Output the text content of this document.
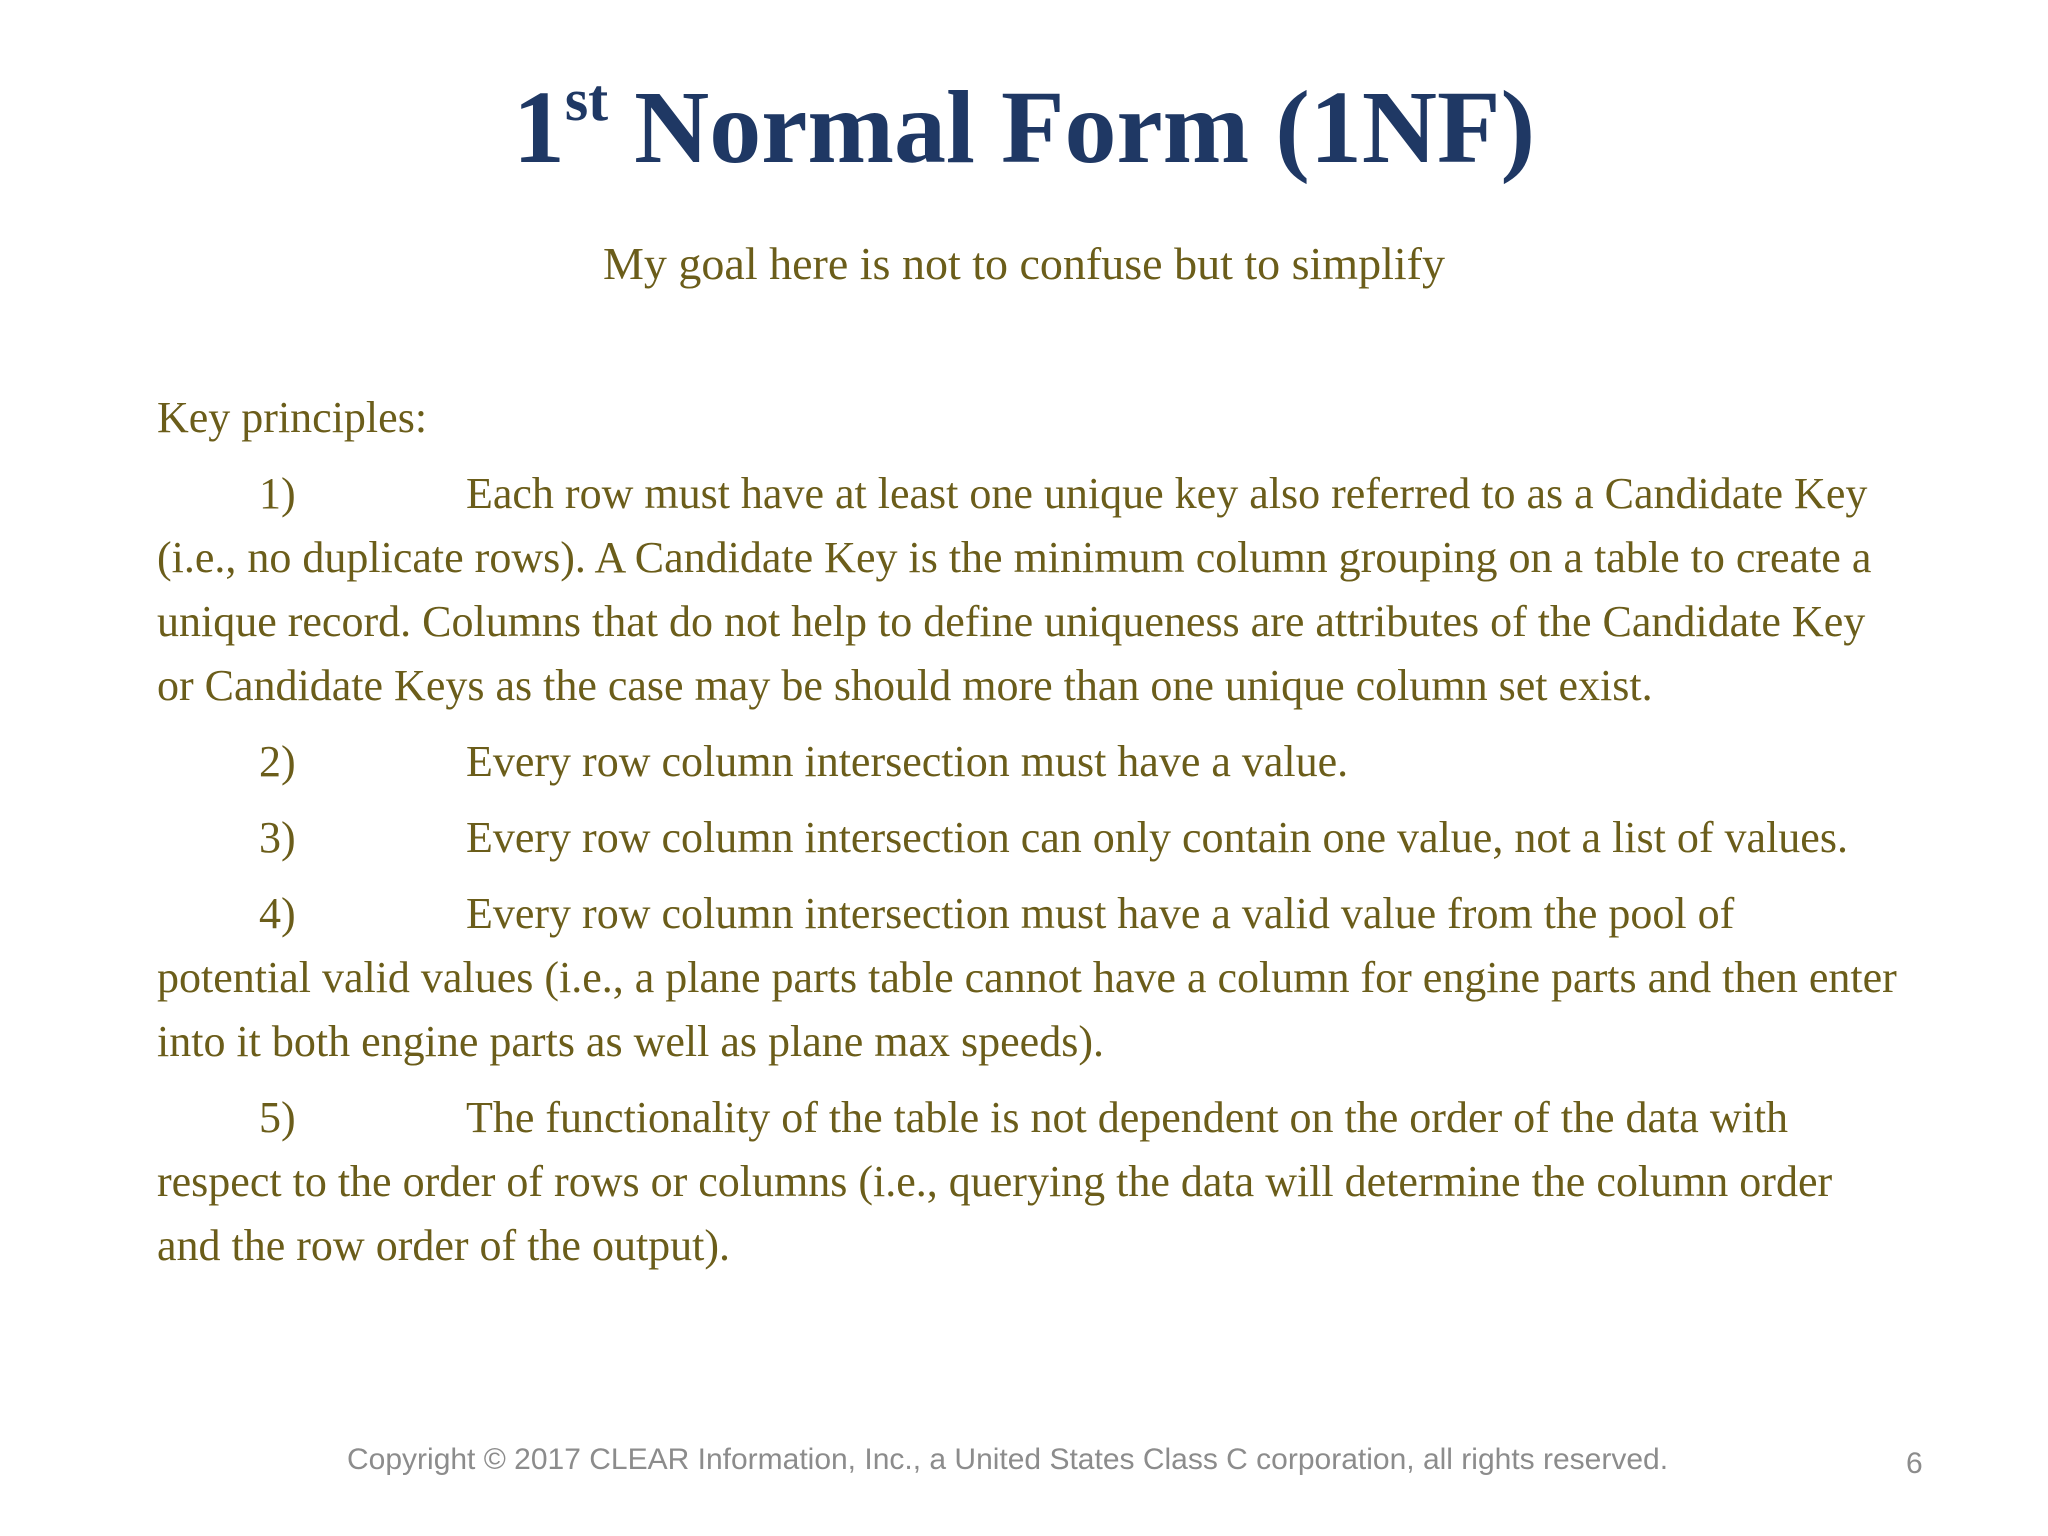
1st Normal Form (1NF)
My goal here is not to confuse but to simplify

Key principles:

1)	Each row must have at least one unique key also referred to as a Candidate Key (i.e., no duplicate rows). A Candidate Key is the minimum column grouping on a table to create a unique record. Columns that do not help to define uniqueness are attributes of the Candidate Key or Candidate Keys as the case may be should more than one unique column set exist.

2)	Every row column intersection must have a value.

3)	Every row column intersection can only contain one value, not a list of values.

4)	Every row column intersection must have a valid value from the pool of potential valid values (i.e., a plane parts table cannot have a column for engine parts and then enter into it both engine parts as well as plane max speeds).

5)	The functionality of the table is not dependent on the order of the data with respect to the order of rows or columns (i.e., querying the data will determine the column order and the row order of the output).

Copyright © 2017 CLEAR Information, Inc., a United States Class C corporation, all rights reserved.	6
